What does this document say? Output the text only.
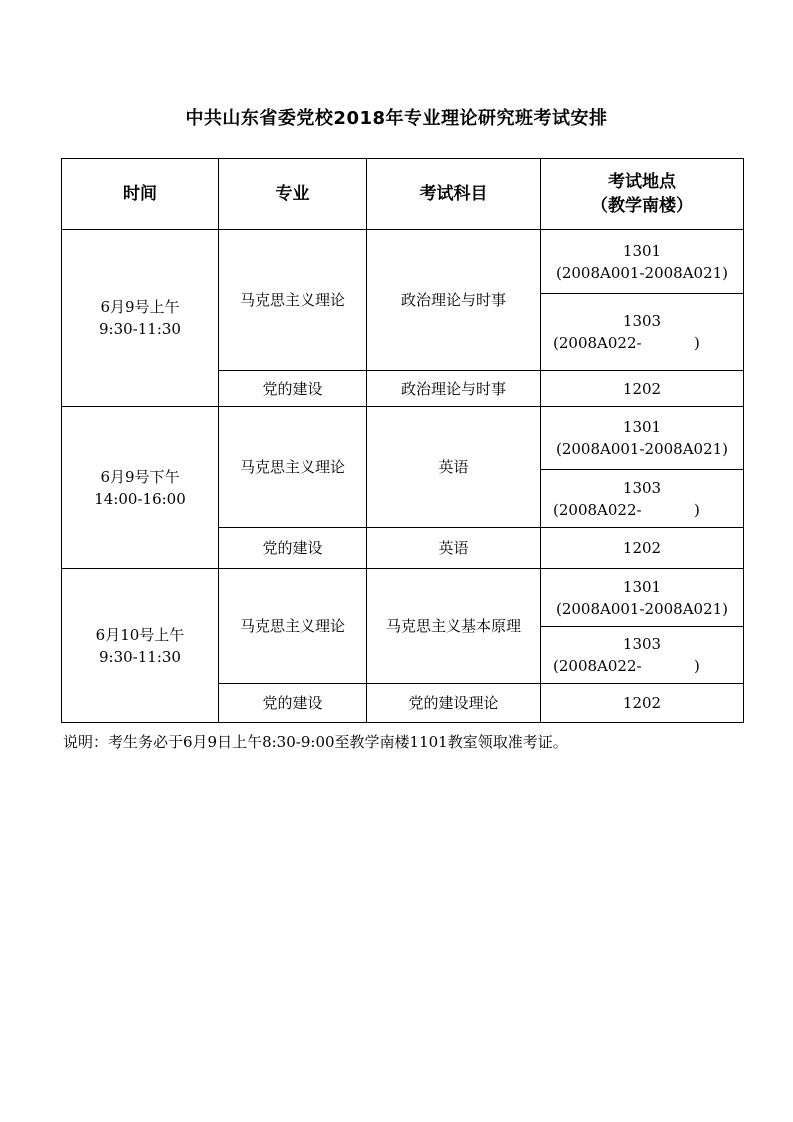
中共山东省委党校2018年专业理论研究班考试安排
时间	专业	考试科目	考试地点
（教学南楼）

6月9号上午
9:30-11:30	马克思主义理论	政治理论与时事	1301
(2008A001-2008A021)

			1303
(2008A022-           )

	党的建设	政治理论与时事	1202

6月9号下午
14:00-16:00	马克思主义理论	英语	1301
(2008A001-2008A021)

			1303
(2008A022-           )

	党的建设	英语	1202

6月10号上午
9:30-11:30	马克思主义理论	马克思主义基本原理	1301
(2008A001-2008A021)

			1303
(2008A022-           )

	党的建设	党的建设理论	1202
说明：考生务必于6月9日上午8:30-9:00至教学南楼1101教室领取准考证。
